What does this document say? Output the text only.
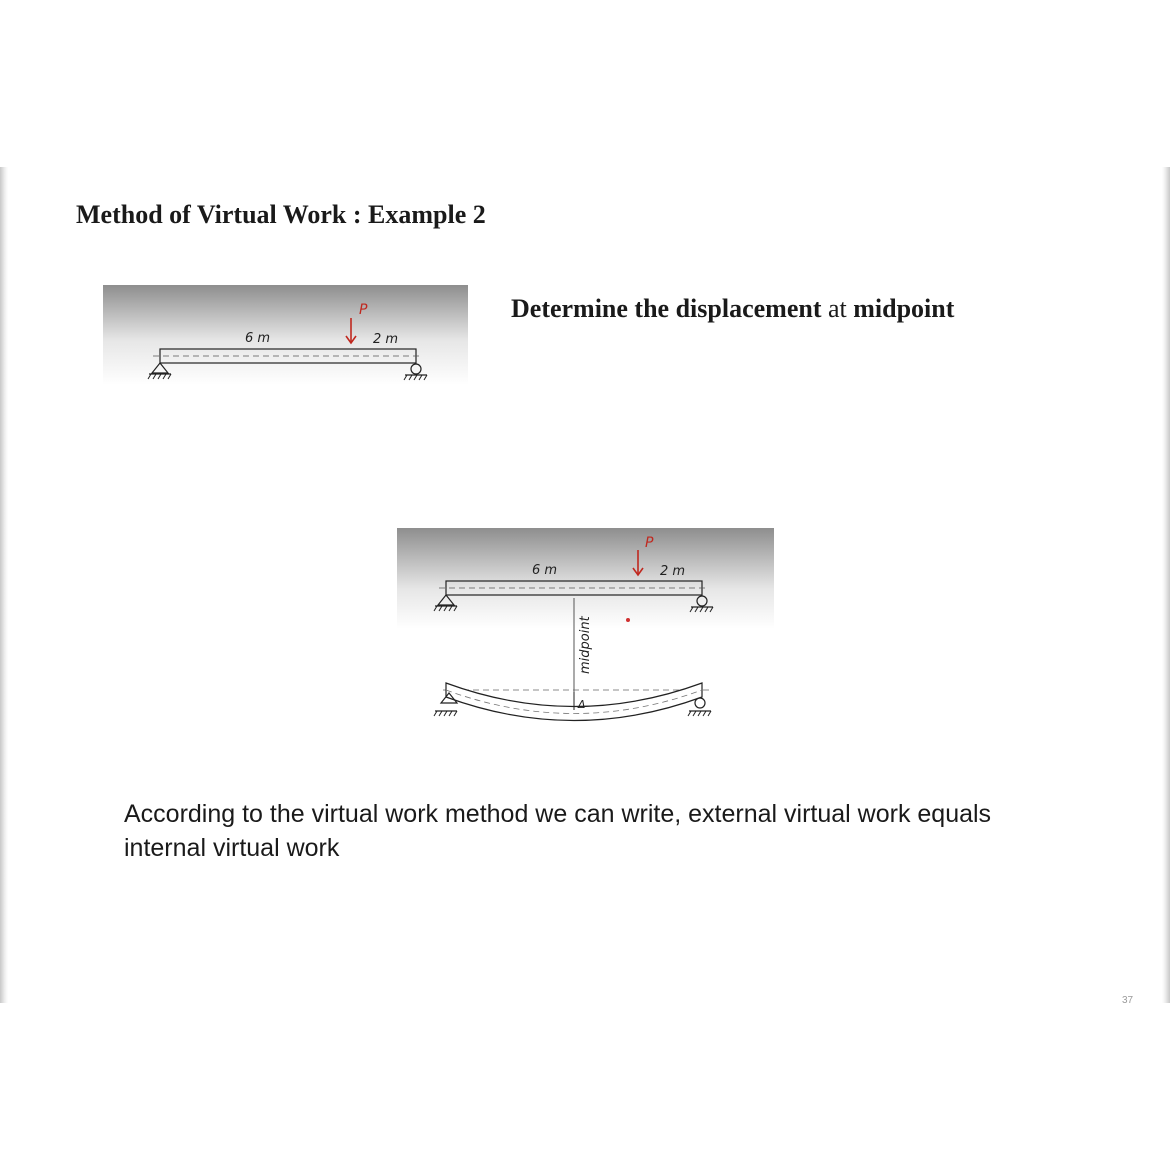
Method of Virtual Work : Example 2
Determine the displacement at midpoint
P
6 m	2 m
P
6 m	2 m
midpoint
Δ
According to the virtual work method we can write, external virtual work equals internal virtual work
